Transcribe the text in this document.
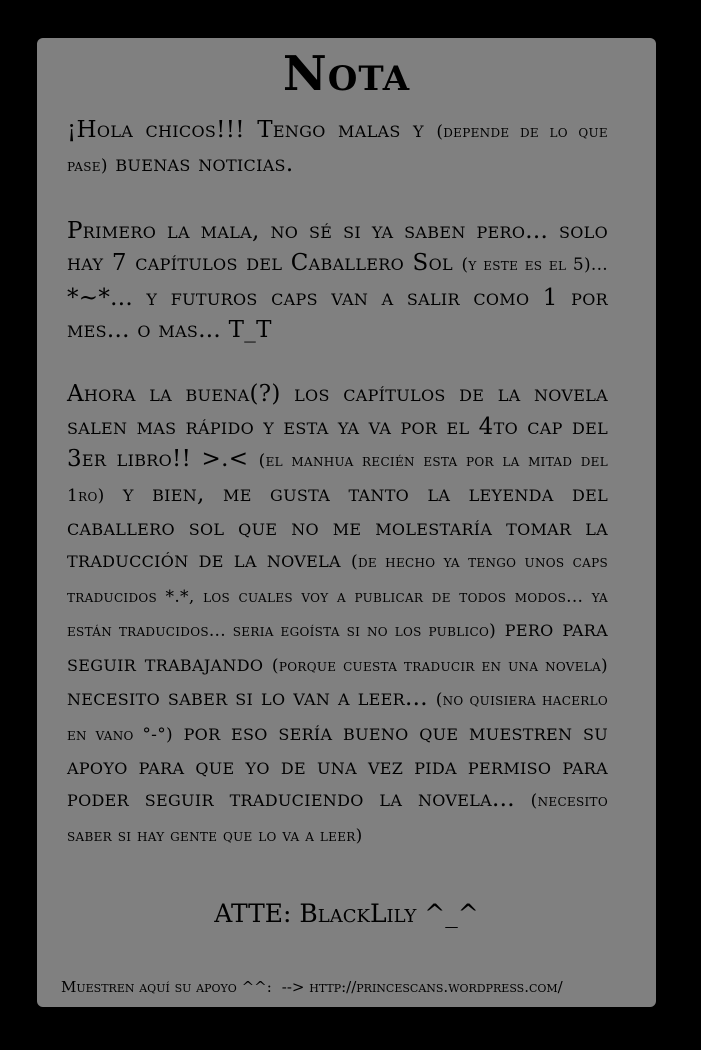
Nota

¡Hola chicos!!! Tengo malas y (depende de lo que pase) buenas noticias.

Primero la mala, no sé si ya saben pero... solo hay 7 capítulos del Caballero Sol (y este es el 5)... *~*... y futuros caps van a salir como 1 por mes... o mas... T_T

Ahora la buena(?) los capítulos de la novela salen mas rápido y esta ya va por el 4to cap del 3er libro!! >.< (el manhua recién esta por la mitad del 1ro) y bien, me gusta tanto la leyenda del caballero sol que no me molestaría tomar la traducción de la novela (de hecho ya tengo unos caps traducidos *.*, los cuales voy a publicar de todos modos... ya están traducidos... seria egoísta si no los publico) pero para seguir trabajando (porque cuesta traducir en una novela) necesito saber si lo van a leer... (no quisiera hacerlo en vano °-°) por eso sería bueno que muestren su apoyo para que yo de una vez pida permiso para poder seguir traduciendo la novela... (necesito saber si hay gente que lo va a leer)

ATTE: BlackLily ^_^
Muestren aquí su apoyo ^^: --> http://princescans.wordpress.com/
